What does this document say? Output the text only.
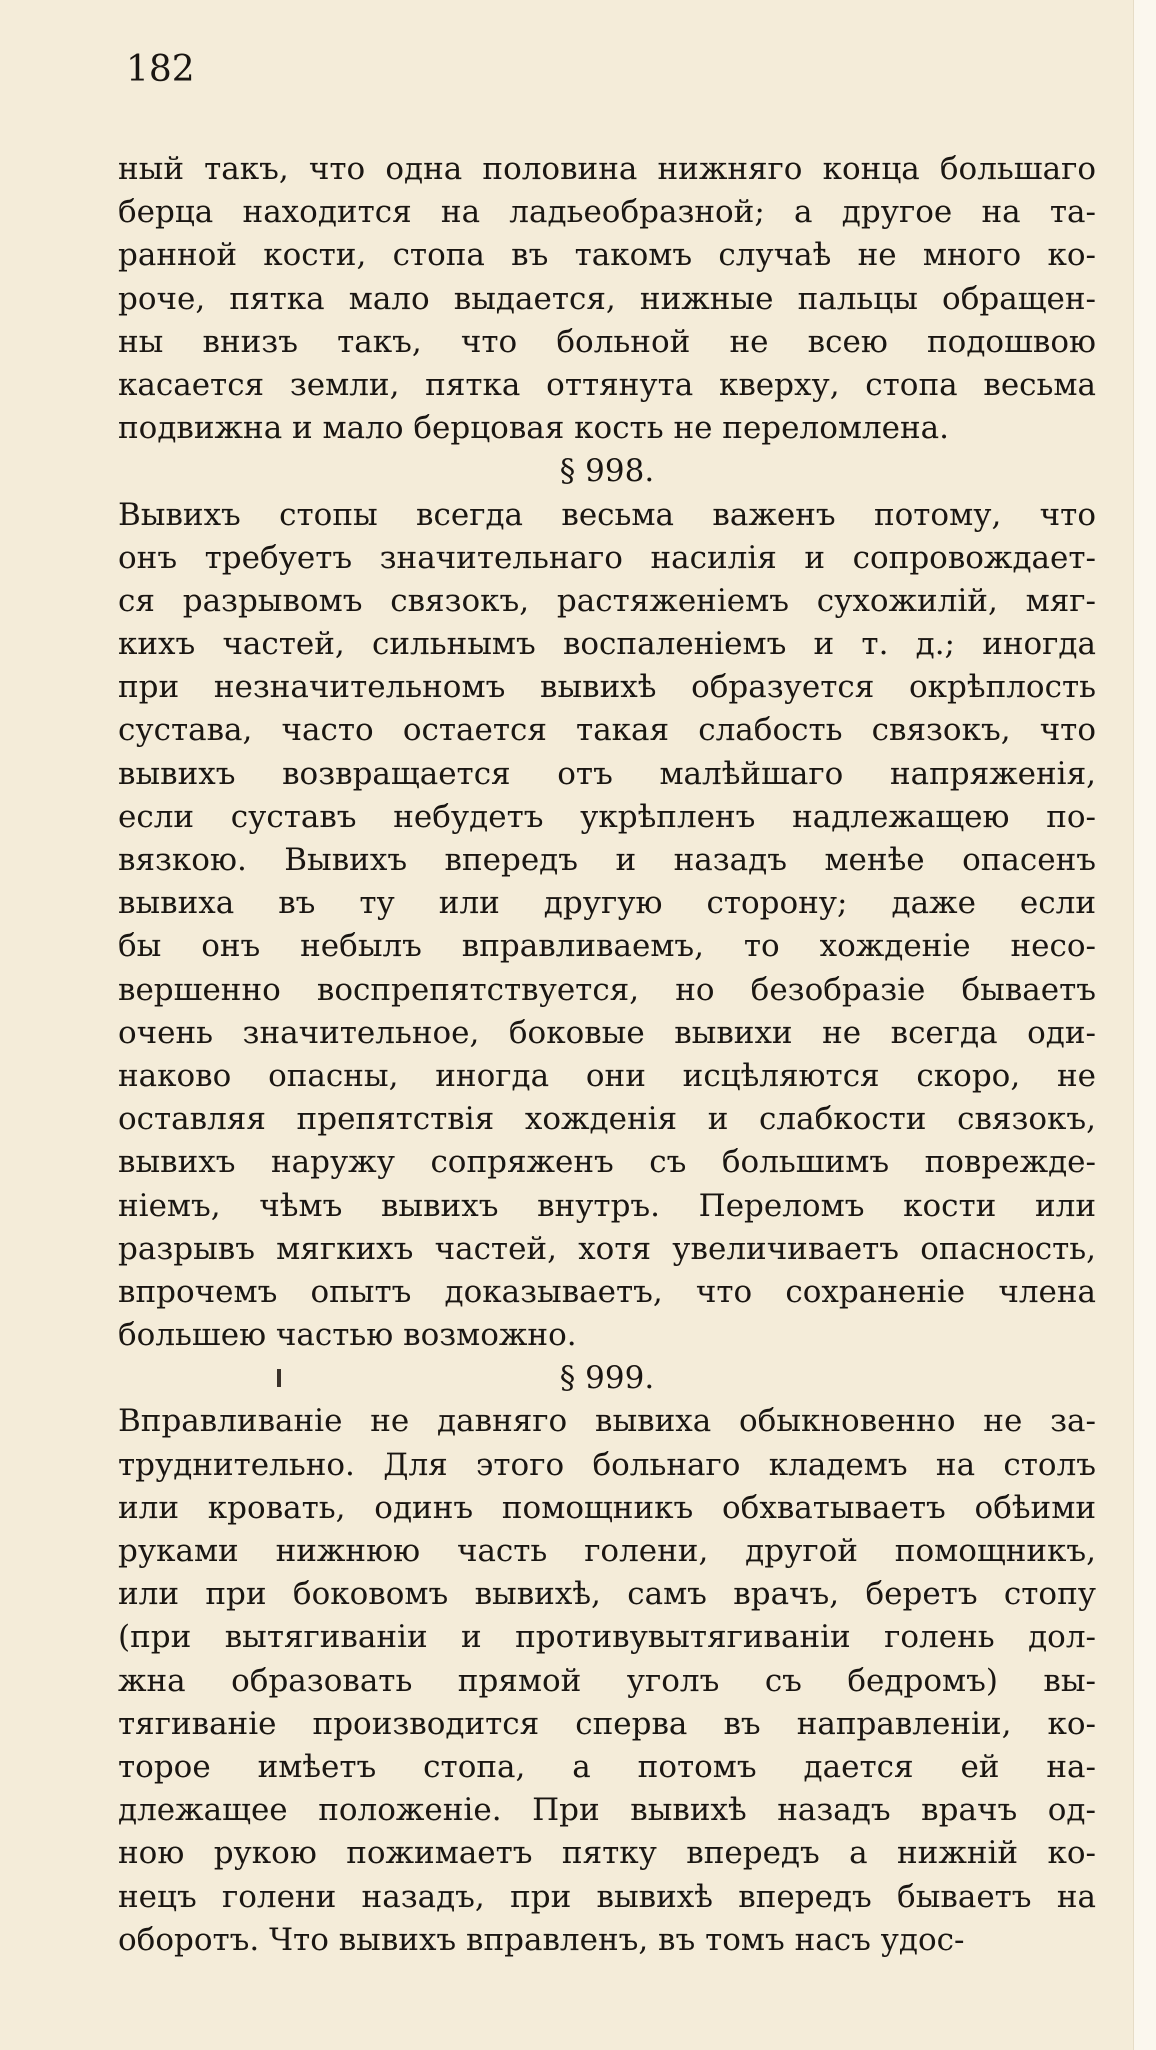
182
ный такъ, что одна половина нижняго конца большаго
берца находится на ладьеобразной; а другое на та-
ранной кости, стопа въ такомъ случаѣ не много ко-
роче, пятка мало выдается, нижные пальцы обращен-
ны внизъ такъ, что больной не всею подошвою
касается земли, пятка оттянута кверху, стопа весьма
подвижна и мало берцовая кость не переломлена.
§ 998.
Вывихъ стопы всегда весьма важенъ потому, что
онъ требуетъ значительнаго насилія и сопровождает-
ся разрывомъ связокъ, растяженіемъ сухожилій, мяг-
кихъ частей, сильнымъ воспаленіемъ и т. д.; иногда
при незначительномъ вывихѣ образуется окрѣплость
сустава, часто остается такая слабость связокъ, что
вывихъ возвращается отъ малѣйшаго напряженія,
если суставъ небудетъ укрѣпленъ надлежащею по-
вязкою. Вывихъ впередъ и назадъ менѣе опасенъ
вывиха въ ту или другую сторону; даже если
бы онъ небылъ вправливаемъ, то хожденіе несо-
вершенно воспрепятствуется, но безобразіе бываетъ
очень значительное, боковые вывихи не всегда оди-
наково опасны, иногда они исцѣляются скоро, не
оставляя препятствія хожденія и слабкости связокъ,
вывихъ наружу сопряженъ съ большимъ поврежде-
ніемъ, чѣмъ вывихъ внутръ. Переломъ кости или
разрывъ мягкихъ частей, хотя увеличиваетъ опасность,
впрочемъ опытъ доказываетъ, что сохраненіе члена
большею частью возможно.
§ 999.
Вправливаніе не давняго вывиха обыкновенно не за-
труднительно. Для этого больнаго кладемъ на столъ
или кровать, одинъ помощникъ обхватываетъ обѣими
руками нижнюю часть голени, другой помощникъ,
или при боковомъ вывихѣ, самъ врачъ, беретъ стопу
(при вытягиваніи и противувытягиваніи голень дол-
жна образовать прямой уголъ съ бедромъ) вы-
тягиваніе производится сперва въ направленіи, ко-
торое имѣетъ стопа, а потомъ дается ей на-
длежащее положеніе. При вывихѣ назадъ врачъ од-
ною рукою пожимаетъ пятку впередъ а нижній ко-
нецъ голени назадъ, при вывихѣ впередъ бываетъ на
оборотъ. Что вывихъ вправленъ, въ томъ насъ удос-
